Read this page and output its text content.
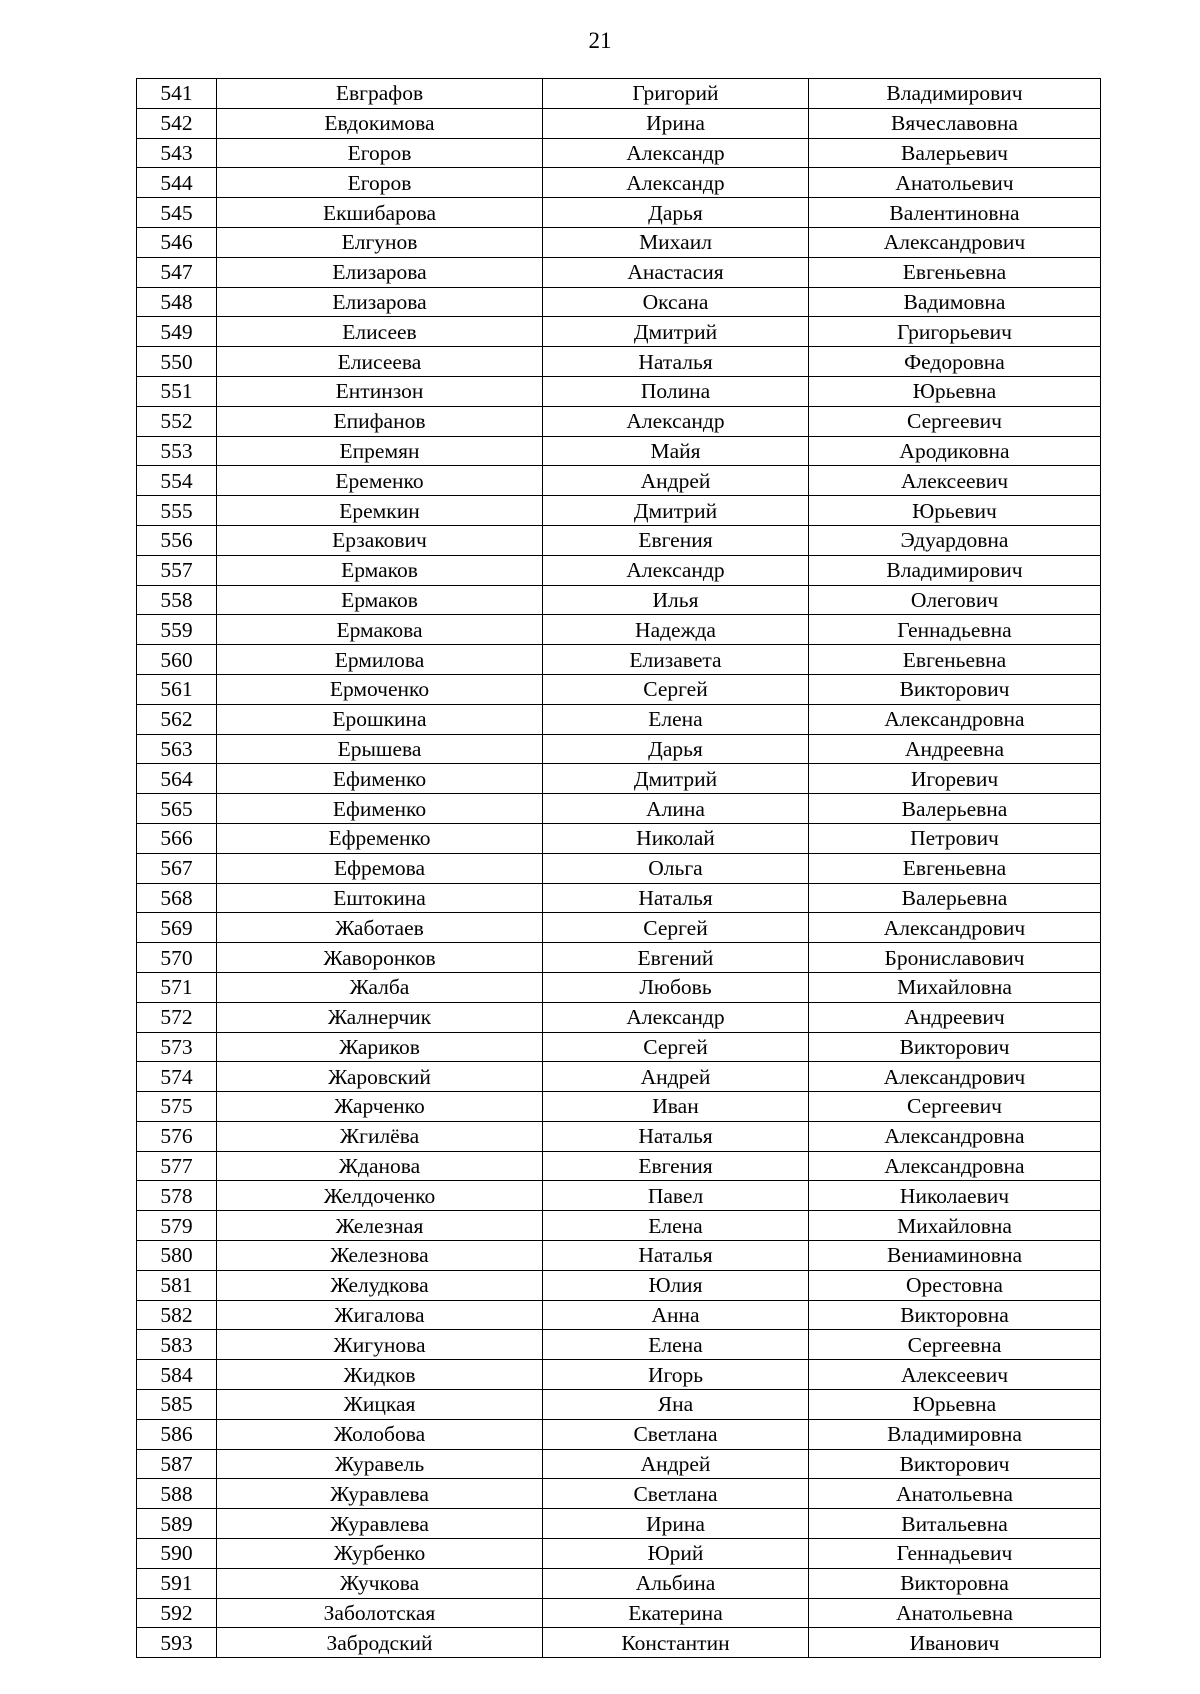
21
541	Евграфов	Григорий	Владимирович
542	Евдокимова	Ирина	Вячеславовна
543	Егоров	Александр	Валерьевич
544	Егоров	Александр	Анатольевич
545	Екшибарова	Дарья	Валентиновна
546	Елгунов	Михаил	Александрович
547	Елизарова	Анастасия	Евгеньевна
548	Елизарова	Оксана	Вадимовна
549	Елисеев	Дмитрий	Григорьевич
550	Елисеева	Наталья	Федоровна
551	Ентинзон	Полина	Юрьевна
552	Епифанов	Александр	Сергеевич
553	Епремян	Майя	Ародиковна
554	Еременко	Андрей	Алексеевич
555	Еремкин	Дмитрий	Юрьевич
556	Ерзакович	Евгения	Эдуардовна
557	Ермаков	Александр	Владимирович
558	Ермаков	Илья	Олегович
559	Ермакова	Надежда	Геннадьевна
560	Ермилова	Елизавета	Евгеньевна
561	Ермоченко	Сергей	Викторович
562	Ерошкина	Елена	Александровна
563	Ерышева	Дарья	Андреевна
564	Ефименко	Дмитрий	Игоревич
565	Ефименко	Алина	Валерьевна
566	Ефременко	Николай	Петрович
567	Ефремова	Ольга	Евгеньевна
568	Ештокина	Наталья	Валерьевна
569	Жаботаев	Сергей	Александрович
570	Жаворонков	Евгений	Брониславович
571	Жалба	Любовь	Михайловна
572	Жалнерчик	Александр	Андреевич
573	Жариков	Сергей	Викторович
574	Жаровский	Андрей	Александрович
575	Жарченко	Иван	Сергеевич
576	Жгилёва	Наталья	Александровна
577	Жданова	Евгения	Александровна
578	Желдоченко	Павел	Николаевич
579	Железная	Елена	Михайловна
580	Железнова	Наталья	Вениаминовна
581	Желудкова	Юлия	Орестовна
582	Жигалова	Анна	Викторовна
583	Жигунова	Елена	Сергеевна
584	Жидков	Игорь	Алексеевич
585	Жицкая	Яна	Юрьевна
586	Жолобова	Светлана	Владимировна
587	Журавель	Андрей	Викторович
588	Журавлева	Светлана	Анатольевна
589	Журавлева	Ирина	Витальевна
590	Журбенко	Юрий	Геннадьевич
591	Жучкова	Альбина	Викторовна
592	Заболотская	Екатерина	Анатольевна
593	Забродский	Константин	Иванович
